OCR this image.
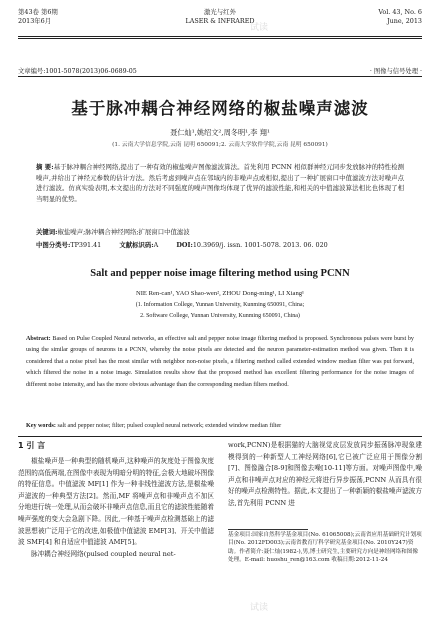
第43卷 第6期
2013年6月
激光与红外
LASER & INFRARED
Vol. 43, No. 6
June, 2013
文章编号:1001-5078(2013)06-0689-05	· 图像与信号处理 ·
基于脉冲耦合神经网络的椒盐噪声滤波
聂仁灿¹,姚绍文²,周冬明¹,李 翔¹
(1. 云南大学信息学院,云南 昆明 650091;2. 云南大学软件学院,云南 昆明 650091)
摘 要:基于脉冲耦合神经网络,提出了一种有效的椒盐噪声图像滤波算法。首先利用 PCNN 相似群神经元同步发放脉冲的特性检测噪声,并给出了神经元参数的估计方法。然后考虑到噪声点在邻域内的非噪声点或相似,提出了一种扩展窗口中值滤波方法对噪声点进行滤波。仿真实验表明,本文提出的方法对不同强度的噪声图像均体现了优异的滤波性能,和相关的中值滤波算法相比也体现了相当明显的优势。
关键词:椒盐噪声;脉冲耦合神经网络;扩展窗口中值滤波
中图分类号:TP391.41	文献标识码:A	DOI:10.3969/j. issn. 1001-5078. 2013. 06. 020
Salt and pepper noise image filtering method using PCNN
NIE Ren-can¹, YAO Shao-wen², ZHOU Dong-ming¹, LI Xiang¹
(1. Information College, Yunnan University, Kunming 650091, China;
2. Software College, Yunnan University, Kunming 650091, China)
Abstract: Based on Pulse Coupled Neural networks, an effective salt and pepper noise image filtering method is proposed. Synchronous pulses were burst by using the similar groups of neurons in a PCNN, whereby the noise pixels are detected and the neuron parameter-estimation method was given. Then it is considered that a noise pixel has the most similar with neighbor non-noise pixels, a filtering method called extended window median filter was put forward, which filtered the noise in a noise image. Simulation results show that the proposed method has excellent filtering performance for the noise images of different noise intensity, and has the more obvious advantage than the corresponding median filters method.
Key words: salt and pepper noise; filter; pulsed coupled neural network; extended window median filter
1 引 言
椒盐噪声是一种典型的随机噪声,这种噪声的灰度处于图像灰度范围的高低两端,在图像中表现为明暗分明的特征,会极大地破坏图像的特征信息。中值滤波 MF[1] 作为一种非线性滤波方法,是椒盐噪声滤波的一种典型方法[2]。然而,MF 将噪声点和非噪声点不加区分地进行统一处理,从而会破坏非噪声点信息,而且它的滤波性能随着噪声强度的变大会急剧下降。因此,一种基于噪声点检测基础上的滤波思想被广泛用于它的改进,如极值中值滤波 EMF[3]、开关中值滤波 SMF[4] 和自适应中值滤波 AMF[5]。
脉冲耦合神经网络(pulsed coupled neural net-
work,PCNN)是根据猫的大脑视觉皮层发放同步振荡脉冲现象建模得到的一种新型人工神经网络[6],它已被广泛应用于图像分割[7]、图像融合[8-9]和图像去噪[10-11]等方面。对噪声图像中,噪声点和非噪声点对应的神经元将进行异步振荡,PCNN 从而具有很好的噪声点检测特性。据此,本文提出了一种新颖的椒盐噪声滤波方法,首先利用 PCNN 进
基金项目:国家自然科学基金项目(No. 61065008);云南省应用基础研究计划项目(No. 2012FD003);云南省教育厅科学研究基金项目(No. 2010Y247)资助。作者简介:聂仁灿(1982-),男,博士研究生,主要研究方向是神经网络和图像处理。E-mail: huoshu_ren@163.com 收稿日期:2012-11-24
试读
试读
